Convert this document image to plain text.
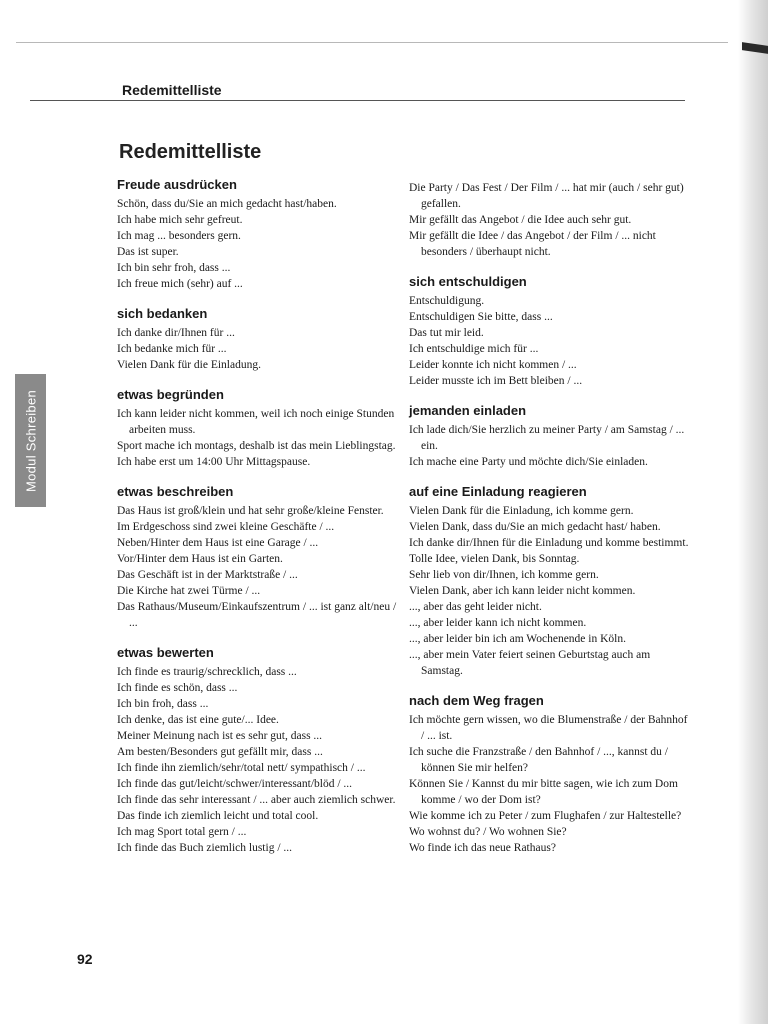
Redemittelliste
Modul Schreiben
Redemittelliste
Freude ausdrücken
Schön, dass du/Sie an mich gedacht hast/haben.
Ich habe mich sehr gefreut.
Ich mag ... besonders gern.
Das ist super.
Ich bin sehr froh, dass ...
Ich freue mich (sehr) auf ...
sich bedanken
Ich danke dir/Ihnen für ...
Ich bedanke mich für ...
Vielen Dank für die Einladung.
etwas begründen
Ich kann leider nicht kommen, weil ich noch einige Stunden arbeiten muss.
Sport mache ich montags, deshalb ist das mein Lieblingstag.
Ich habe erst um 14:00 Uhr Mittagspause.
etwas beschreiben
Das Haus ist groß/klein und hat sehr große/kleine Fenster.
Im Erdgeschoss sind zwei kleine Geschäfte / ...
Neben/Hinter dem Haus ist eine Garage / ...
Vor/Hinter dem Haus ist ein Garten.
Das Geschäft ist in der Marktstraße / ...
Die Kirche hat zwei Türme / ...
Das Rathaus/Museum/Einkaufszentrum / ... ist ganz alt/neu / ...
etwas bewerten
Ich finde es traurig/schrecklich, dass ...
Ich finde es schön, dass ...
Ich bin froh, dass ...
Ich denke, das ist eine gute/... Idee.
Meiner Meinung nach ist es sehr gut, dass ...
Am besten/Besonders gut gefällt mir, dass ...
Ich finde ihn ziemlich/sehr/total nett/ sympathisch / ...
Ich finde das gut/leicht/schwer/interessant/blöd / ...
Ich finde das sehr interessant / ... aber auch ziemlich schwer.
Das finde ich ziemlich leicht und total cool.
Ich mag Sport total gern / ...
Ich finde das Buch ziemlich lustig / ...
Die Party / Das Fest / Der Film / ... hat mir (auch / sehr gut) gefallen.
Mir gefällt das Angebot / die Idee auch sehr gut.
Mir gefällt die Idee / das Angebot / der Film / ... nicht besonders / überhaupt nicht.
sich entschuldigen
Entschuldigung.
Entschuldigen Sie bitte, dass ...
Das tut mir leid.
Ich entschuldige mich für ...
Leider konnte ich nicht kommen / ...
Leider musste ich im Bett bleiben / ...
jemanden einladen
Ich lade dich/Sie herzlich zu meiner Party / am Samstag / ... ein.
Ich mache eine Party und möchte dich/Sie einladen.
auf eine Einladung reagieren
Vielen Dank für die Einladung, ich komme gern.
Vielen Dank, dass du/Sie an mich gedacht hast/ haben.
Ich danke dir/Ihnen für die Einladung und komme bestimmt.
Tolle Idee, vielen Dank, bis Sonntag.
Sehr lieb von dir/Ihnen, ich komme gern.
Vielen Dank, aber ich kann leider nicht kommen.
..., aber das geht leider nicht.
..., aber leider kann ich nicht kommen.
..., aber leider bin ich am Wochenende in Köln.
..., aber mein Vater feiert seinen Geburtstag auch am Samstag.
nach dem Weg fragen
Ich möchte gern wissen, wo die Blumenstraße / der Bahnhof / ... ist.
Ich suche die Franzstraße / den Bahnhof / ..., kannst du / können Sie mir helfen?
Können Sie / Kannst du mir bitte sagen, wie ich zum Dom komme / wo der Dom ist?
Wie komme ich zu Peter / zum Flughafen / zur Haltestelle?
Wo wohnst du? / Wo wohnen Sie?
Wo finde ich das neue Rathaus?
92
